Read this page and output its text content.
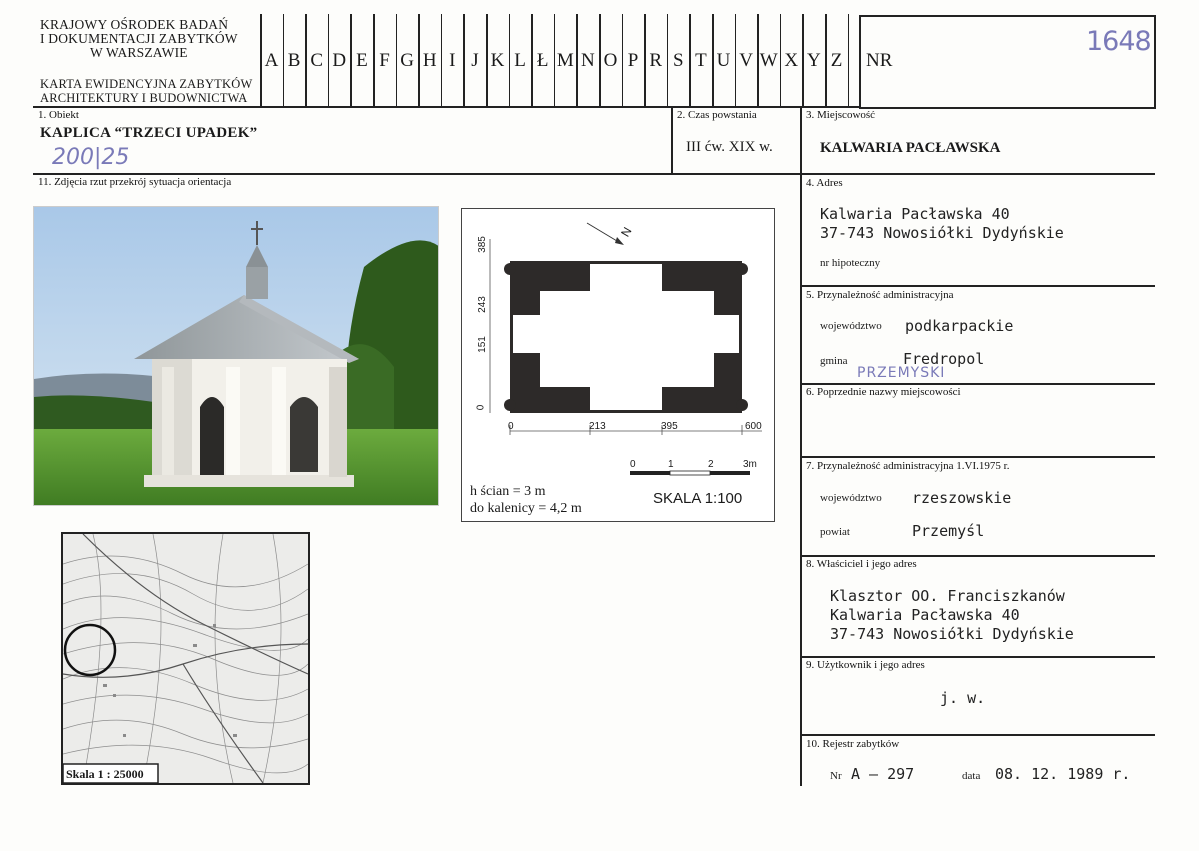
KRAJOWY OŚRODEK BADAŃ
I DOKUMENTACJI ZABYTKÓW
W WARSZAWIE
KARTA EWIDENCYJNA ZABYTKÓW
ARCHITEKTURY I BUDOWNICTWA
A B C D E F G H I J K L Ł M N O P R S T U V W X Y Z NR
1648
1. Obiekt
KAPLICA “TRZECI UPADEK”
200|25
2. Czas powstania
III ćw. XIX w.
3. Miejscowość
KALWARIA PACŁAWSKA
4. Adres
Kalwaria Pacławska 40
37-743 Nowosiółki Dydyńskie
nr hipoteczny
5. Przynależność administracyjna
województwo podkarpackie
gmina	Fredropol
PRZEMYSKI
6. Poprzednie nazwy miejscowości
7. Przynależność administracyjna 1.VI.1975 r.
województwo rzeszowskie
powiat	Przemyśl
8. Właściciel i jego adres
Klasztor OO. Franciszkanów
Kalwaria Pacławska 40
37-743 Nowosiółki Dydyńskie
9. Użytkownik i jego adres
j. w.
10. Rejestr zabytków
Nr A – 297	data 08. 12. 1989 r.
11. Zdjęcia rzut przekrój sytuacja orientacja
N
385
243
151
0
0	213	395	600
0	1	2	3m
SKALA 1:100
h ścian = 3 m
do kalenicy = 4,2 m
Skala 1 : 25000
